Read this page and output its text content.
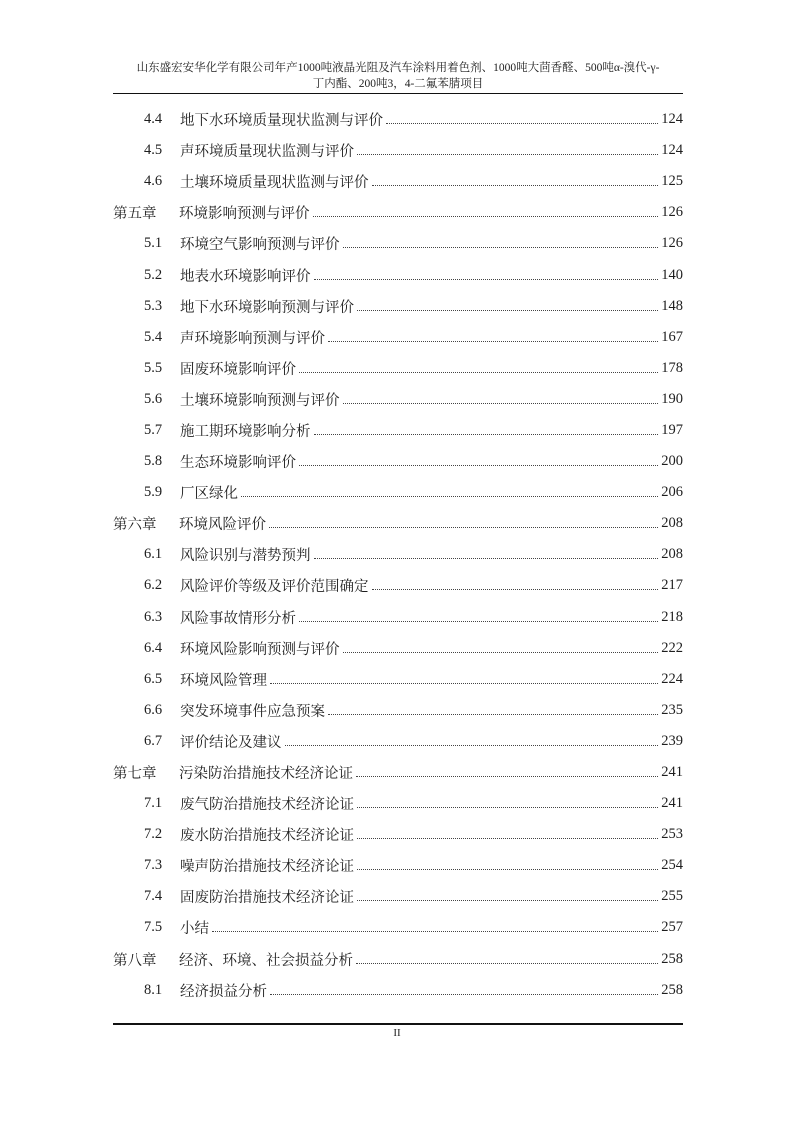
山东盛宏安华化学有限公司年产1000吨液晶光阻及汽车涂料用着色剂、1000吨大茴香醛、500吨α-溴代-γ-
丁内酯、200吨3，4-二氟苯腈项目
4.4	地下水环境质量现状监测与评价	124
4.5	声环境质量现状监测与评价	124
4.6	土壤环境质量现状监测与评价	125
第五章	环境影响预测与评价	126
5.1	环境空气影响预测与评价	126
5.2	地表水环境影响评价	140
5.3	地下水环境影响预测与评价	148
5.4	声环境影响预测与评价	167
5.5	固废环境影响评价	178
5.6	土壤环境影响预测与评价	190
5.7	施工期环境影响分析	197
5.8	生态环境影响评价	200
5.9	厂区绿化	206
第六章	环境风险评价	208
6.1	风险识别与潜势预判	208
6.2	风险评价等级及评价范围确定	217
6.3	风险事故情形分析	218
6.4	环境风险影响预测与评价	222
6.5	环境风险管理	224
6.6	突发环境事件应急预案	235
6.7	评价结论及建议	239
第七章	污染防治措施技术经济论证	241
7.1	废气防治措施技术经济论证	241
7.2	废水防治措施技术经济论证	253
7.3	噪声防治措施技术经济论证	254
7.4	固废防治措施技术经济论证	255
7.5	小结	257
第八章	经济、环境、社会损益分析	258
8.1	经济损益分析	258
II
